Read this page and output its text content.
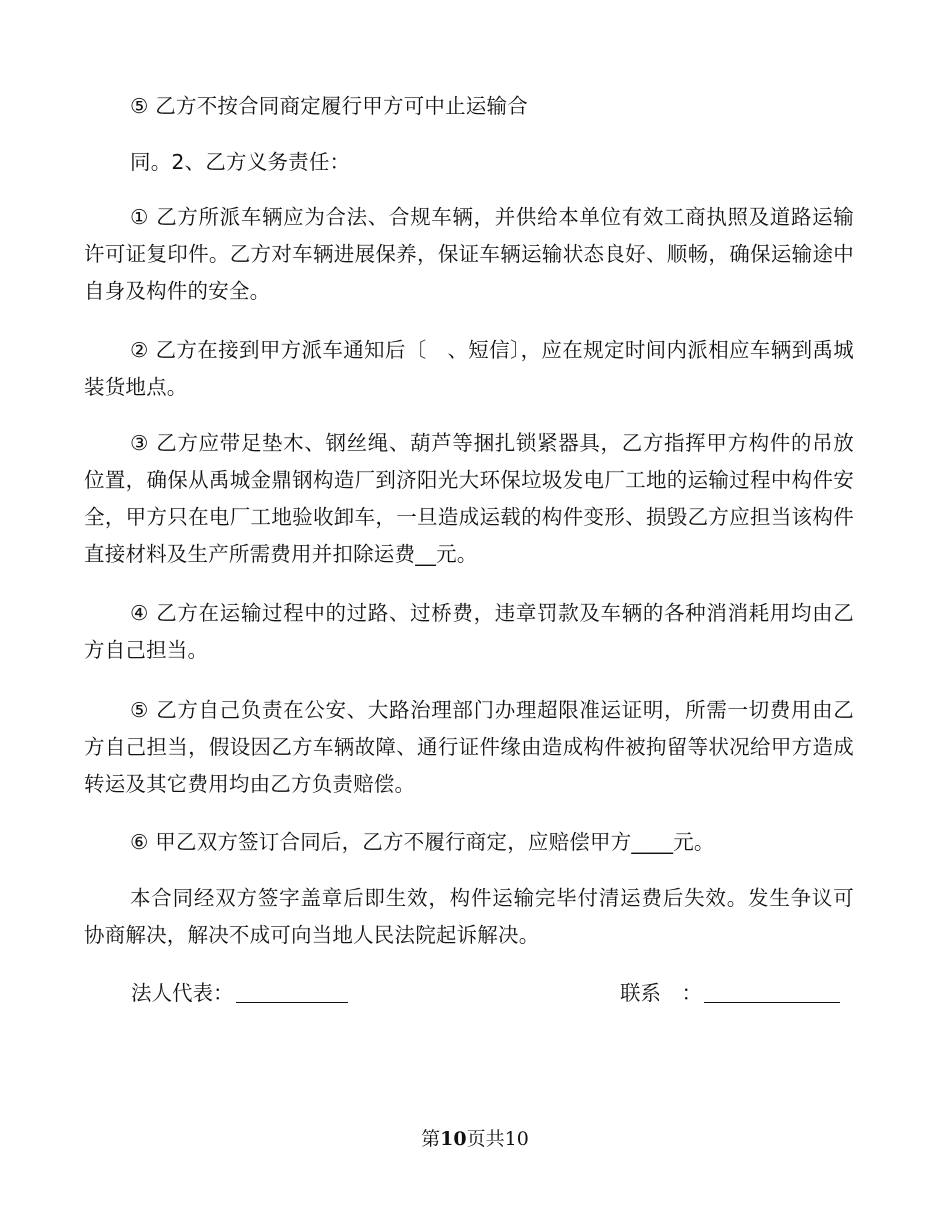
⑤ 乙方不按合同商定履行甲方可中止运输合

同。2、乙方义务责任：

① 乙方所派车辆应为合法、合规车辆，并供给本单位有效工商执照及道路运输许可证复印件。乙方对车辆进展保养，保证车辆运输状态良好、顺畅，确保运输途中自身及构件的安全。

② 乙方在接到甲方派车通知后〔　、短信〕，应在规定时间内派相应车辆到禹城装货地点。

③ 乙方应带足垫木、钢丝绳、葫芦等捆扎锁紧器具，乙方指挥甲方构件的吊放位置，确保从禹城金鼎钢构造厂到济阳光大环保垃圾发电厂工地的运输过程中构件安全，甲方只在电厂工地验收卸车，一旦造成运载的构件变形、损毁乙方应担当该构件直接材料及生产所需费用并扣除运费__元。

④ 乙方在运输过程中的过路、过桥费，违章罚款及车辆的各种消消耗用均由乙方自己担当。

⑤ 乙方自己负责在公安、大路治理部门办理超限准运证明，所需一切费用由乙方自己担当，假设因乙方车辆故障、通行证件缘由造成构件被拘留等状况给甲方造成转运及其它费用均由乙方负责赔偿。

⑥ 甲乙双方签订合同后，乙方不履行商定，应赔偿甲方____元。

本合同经双方签字盖章后即生效，构件运输完毕付清运费后失效。发生争议可协商解决，解决不成可向当地人民法院起诉解决。

法人代表：	联系　：
第10页共10
